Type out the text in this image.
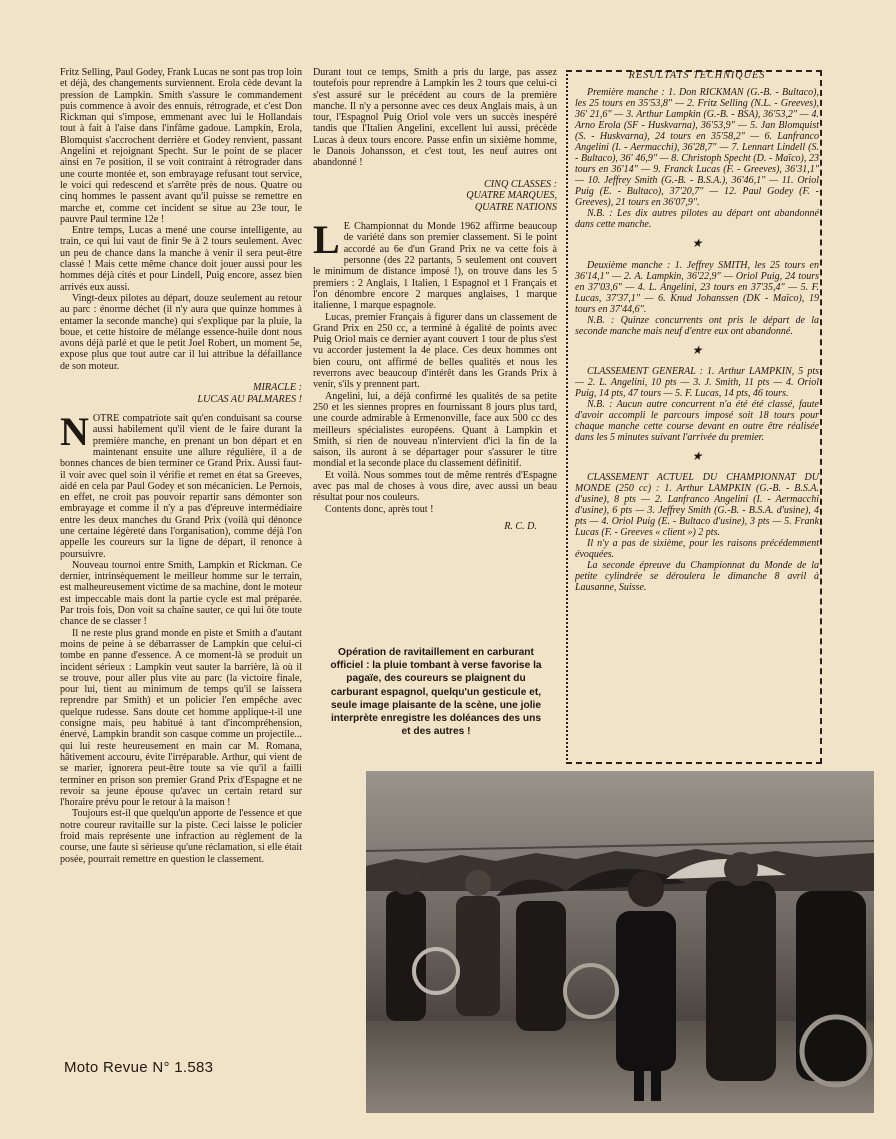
Fritz Selling, Paul Godey, Frank Lucas ne sont pas trop loin et déjà, des changements surviennent. Erola cède devant la pression de Lampkin. Smith s'assure le commandement puis commence à avoir des ennuis, rétrograde, et c'est Don Rickman qui s'impose, emmenant avec lui le Hollandais tout à fait à l'aise dans l'infâme gadoue. Lampkin, Erola, Blomquist s'accrochent derrière et Godey renvient, passant Angelini et rejoignant Specht. Sur le point de se placer ainsi en 7e position, il se voit contraint à rétrograder dans une courte montée et, son embrayage refusant tout service, le voici qui redescend et s'arrête près de nous. Quatre ou cinq hommes le passent avant qu'il puisse se remettre en marche et, comme cet incident se situe au 23e tour, le pauvre Paul termine 12e !

Entre temps, Lucas a mené une course intelligente, au train, ce qui lui vaut de finir 9e à 2 tours seulement. Avec un peu de chance dans la manche à venir il sera peut-être classé ! Mais cette même chance doit jouer aussi pour les hommes déjà cités et pour Lindell, Puig encore, assez bien arrivés eux aussi.

Vingt-deux pilotes au départ, douze seulement au retour au parc : énorme déchet (il n'y aura que quinze hommes à entamer la seconde manche) qui s'explique par la pluie, la boue, et cette histoire de mélange essence-huile dont nous avons déjà parlé et que le petit Joel Robert, un moment 5e, expose plus que tout autre car il lui attribue la défaillance de son moteur.

MIRACLE :
LUCAS AU PALMARES !
N OTRE compatriote sait qu'en conduisant sa course aussi habilement qu'il vient de le faire durant la première manche, en prenant un bon départ et en maintenant ensuite une allure régulière, il a de bonnes chances de bien terminer ce Grand Prix. Aussi faut-il voir avec quel soin il vérifie et remet en état sa Greeves, aidé en cela par Paul Godey et son mécanicien. Le Pernois, en effet, ne croit pas pouvoir repartir sans démonter son embrayage et comme il n'y a pas d'épreuve intermédiaire entre les deux manches du Grand Prix (voilà qui dénonce une certaine légèreté dans l'organisation), comme déjà l'on appelle les coureurs sur la ligne de départ, il renonce à poursuivre.

Nouveau tournoi entre Smith, Lampkin et Rickman. Ce dernier, intrinsèquement le meilleur homme sur le terrain, est malheureusement victime de sa machine, dont le moteur est impeccable mais dont la partie cycle est mal préparée. Par trois fois, Don voit sa chaîne sauter, ce qui lui ôte toute chance de se classer !

Il ne reste plus grand monde en piste et Smith a d'autant moins de peine à se débarrasser de Lampkin que celui-ci tombe en panne d'essence. A ce moment-là se produit un incident sérieux : Lampkin veut sauter la barrière, là où il se trouve, pour aller plus vite au parc (la victoire finale, pour lui, tient au minimum de temps qu'il se laissera reprendre par Smith) et un policier l'en empêche avec quelque rudesse. Sans doute cet homme applique-t-il une consigne mais, peu habitué à tant d'incompréhension, énervé, Lampkin brandit son casque comme un projectile... qui lui reste heureusement en main car M. Romana, hâtivement accouru, évite l'irréparable. Arthur, qui vient de se marier, ignorera peut-être toute sa vie qu'il a failli terminer en prison son premier Grand Prix d'Espagne et ne revoir sa jeune épouse qu'avec un certain retard sur l'horaire prévu pour le retour à la maison !

Toujours est-il que quelqu'un apporte de l'essence et que notre coureur ravitaille sur la piste. Ceci laisse le policier froid mais représente une infraction au règlement de la course, une faute si sérieuse qu'une réclamation, si elle était posée, pourrait remettre en question le classement.

Durant tout ce temps, Smith a pris du large, pas assez toutefois pour reprendre à Lampkin les 2 tours que celui-ci s'est assuré sur le précédent au cours de la première manche. Il n'y a personne avec ces deux Anglais mais, à un tour, l'Espagnol Puig Oriol vole vers un succès inespéré tandis que l'Italien Angelini, excellent lui aussi, précède Lucas à deux tours encore. Passe enfin un sixième homme, le Danois Johansson, et c'est tout, les neuf autres ont abandonné !

CINQ CLASSES :
QUATRE MARQUES,
QUATRE NATIONS
L E Championnat du Monde 1962 affirme beaucoup de variété dans son premier classement. Si le point accordé au 6e d'un Grand Prix ne va cette fois à personne (des 22 partants, 5 seulement ont couvert le minimum de distance imposé !), on trouve dans les 5 premiers : 2 Anglais, 1 Italien, 1 Espagnol et 1 Français et l'on dénombre encore 2 marques anglaises, 1 marque italienne, 1 marque espagnole.

Lucas, premier Français à figurer dans un classement de Grand Prix en 250 cc, a terminé à égalité de points avec Puig Oriol mais ce dernier ayant couvert 1 tour de plus s'est vu accorder justement la 4e place. Ces deux hommes ont bien couru, ont affirmé de belles qualités et nous les reverrons avec beaucoup d'intérêt dans les Grands Prix à venir, s'ils y prennent part.

Angelini, lui, a déjà confirmé les qualités de sa petite 250 et les siennes propres en fournissant 8 jours plus tard, une courde admirable à Ermenonville, face aux 500 cc des meilleurs spécialistes européens. Quant à Lampkin et Smith, si rien de nouveau n'intervient d'ici la fin de la saison, ils auront à se départager pour s'assurer le titre mondial et la seconde place du classement définitif.

Et voilà. Nous sommes tout de même rentrés d'Espagne avec pas mal de choses à vous dire, avec aussi un beau résultat pour nos couleurs.

Contents donc, après tout !

R. C. D.
RESULTATS TECHNIQUES

Première manche : 1. Don RICKMAN (G.-B. - Bultaco), les 25 tours en 35'53,8" — 2. Fritz Selling (N.L. - Greeves), 36' 21,6" — 3. Arthur Lampkin (G.-B. - BSA), 36'53,2" — 4. Arno Erola (SF - Huskvarna), 36'53,9" — 5. Jan Blomquist (S. - Huskvarna), 24 tours en 35'58,2" — 6. Lanfranco Angelini (I. - Aermacchi), 36'28,7" — 7. Lennart Lindell (S. - Bultaco), 36' 46,9" — 8. Christoph Specht (D. - Maïco), 23 tours en 36'14" — 9. Franck Lucas (F. - Greeves), 36'31,1" — 10. Jeffrey Smith (G.-B. - B.S.A.), 36'46,1" — 11. Oriol Puig (E. - Bultaco), 37'20,7" — 12. Paul Godey (F. - Greeves), 21 tours en 36'07,9".

N.B. : Les dix autres pilotes au départ ont abandonné dans cette manche.

★

Deuxième manche : 1. Jeffrey SMITH, les 25 tours en 36'14,1" — 2. A. Lampkin, 36'22,9" — Oriol Puig, 24 tours en 37'03,6" — 4. L. Angelini, 23 tours en 37'35,4" — 5. F. Lucas, 37'37,1" — 6. Knud Johanssen (DK - Maïco), 19 tours en 37'44,6".

N.B. : Quinze concurrents ont pris le départ de la seconde manche mais neuf d'entre eux ont abandonné.

★

CLASSEMENT GENERAL : 1. Arthur LAMPKIN, 5 pts — 2. L. Angelini, 10 pts — 3. J. Smith, 11 pts — 4. Oriol Puig, 14 pts, 47 tours — 5. F. Lucas, 14 pts, 46 tours.

N.B. : Aucun autre concurrent n'a été été classé, faute d'avoir accompli le parcours imposé soit 18 tours pour chaque manche cette course devant en outre être réalisée dans les 5 minutes suivant l'arrivée du premier.

★

CLASSEMENT ACTUEL DU CHAMPIONNAT DU MONDE (250 cc) : 1. Arthur LAMPKIN (G.-B. - B.S.A. d'usine), 8 pts — 2. Lanfranco Angelini (I. - Aermacchi d'usine), 6 pts — 3. Jeffrey Smith (G.-B. - B.S.A. d'usine), 4 pts — 4. Oriol Puig (E. - Bultaco d'usine), 3 pts — 5. Frank Lucas (F. - Greeves « client ») 2 pts.

Il n'y a pas de sixième, pour les raisons précédemment évoquées.

La seconde épreuve du Championnat du Monde de la petite cylindrée se déroulera le dimanche 8 avril à Lausanne, Suisse.

Opération de ravitaillement en carburant officiel : la pluie tombant à verse favorise la pagaïe, des coureurs se plaignent du carburant espagnol, quelqu'un gesticule et, seule image plaisante de la scène, une jolie interprète enregistre les doléances des uns et des autres !
Moto Revue N° 1.583
